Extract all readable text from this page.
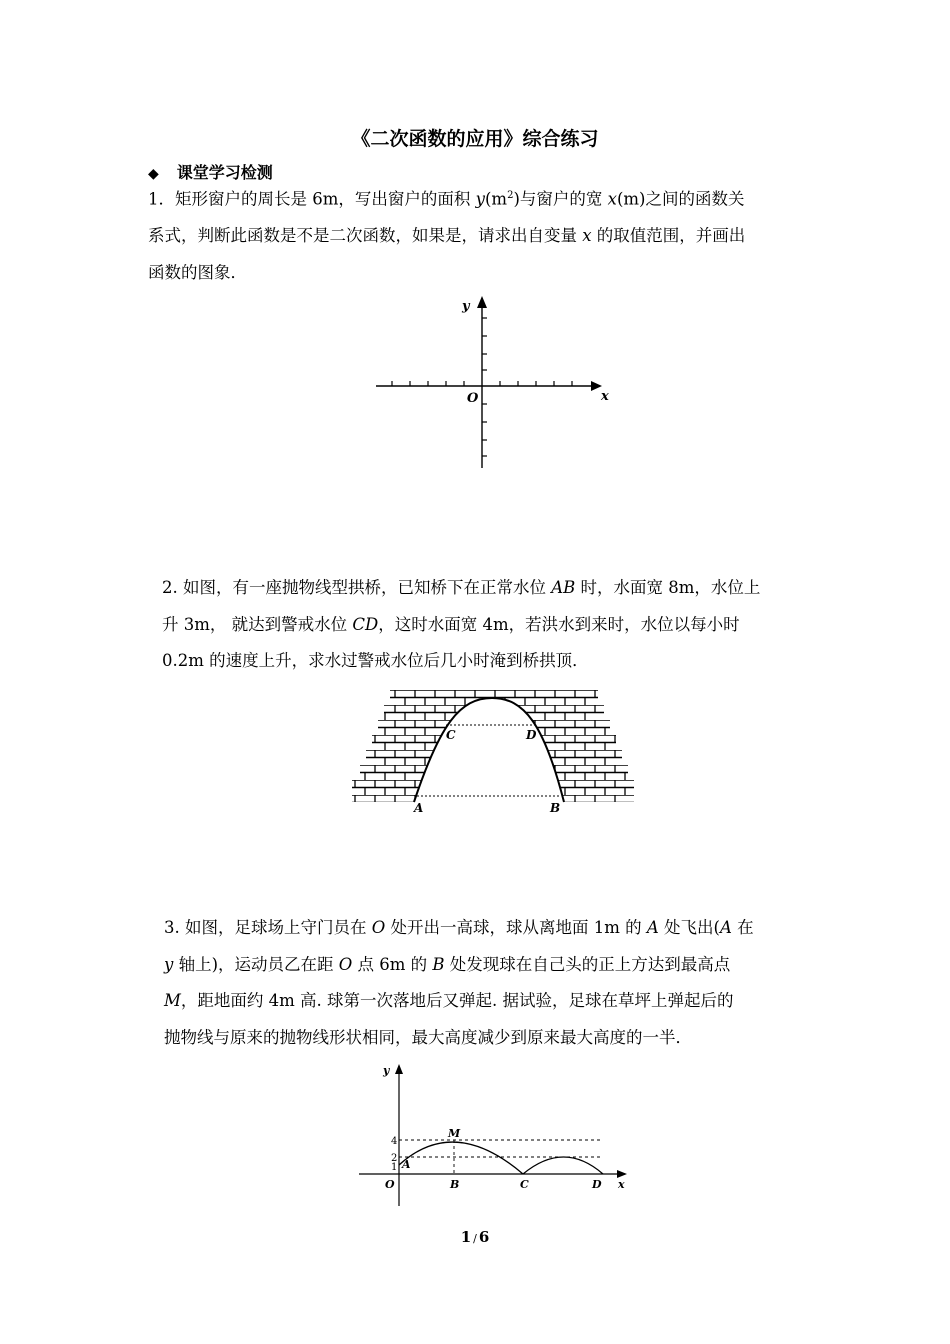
《二次函数的应用》综合练习
◆ 课堂学习检测
1．矩形窗户的周长是 6m，写出窗户的面积 $y(m^2)$与窗户的宽 x(m)之间的函数关
系式，判断此函数是不是二次函数，如果是，请求出自变量 x 的取值范围，并画出
函数的图象．
y
x
O
2. 如图，有一座抛物线型拱桥，已知桥下在正常水位 AB 时，水面宽 8m，水位上
升 3m， 就达到警戒水位 CD，这时水面宽 4m，若洪水到来时，水位以每小时
0.2m 的速度上升，求水过警戒水位后几小时淹到桥拱顶．
C	D
A	B
3. 如图，足球场上守门员在 O 处开出一高球，球从离地面 1m 的 A 处飞出(A 在
y 轴上)，运动员乙在距 O 点 6m 的 B 处发现球在自己头的正上方达到最高点
M，距地面约 4m 高. 球第一次落地后又弹起. 据试验，足球在草坪上弹起后的
抛物线与原来的抛物线形状相同，最大高度减少到原来最大高度的一半．
y
x
O
4
2
1 A
M
B	C	D
1 / 6
